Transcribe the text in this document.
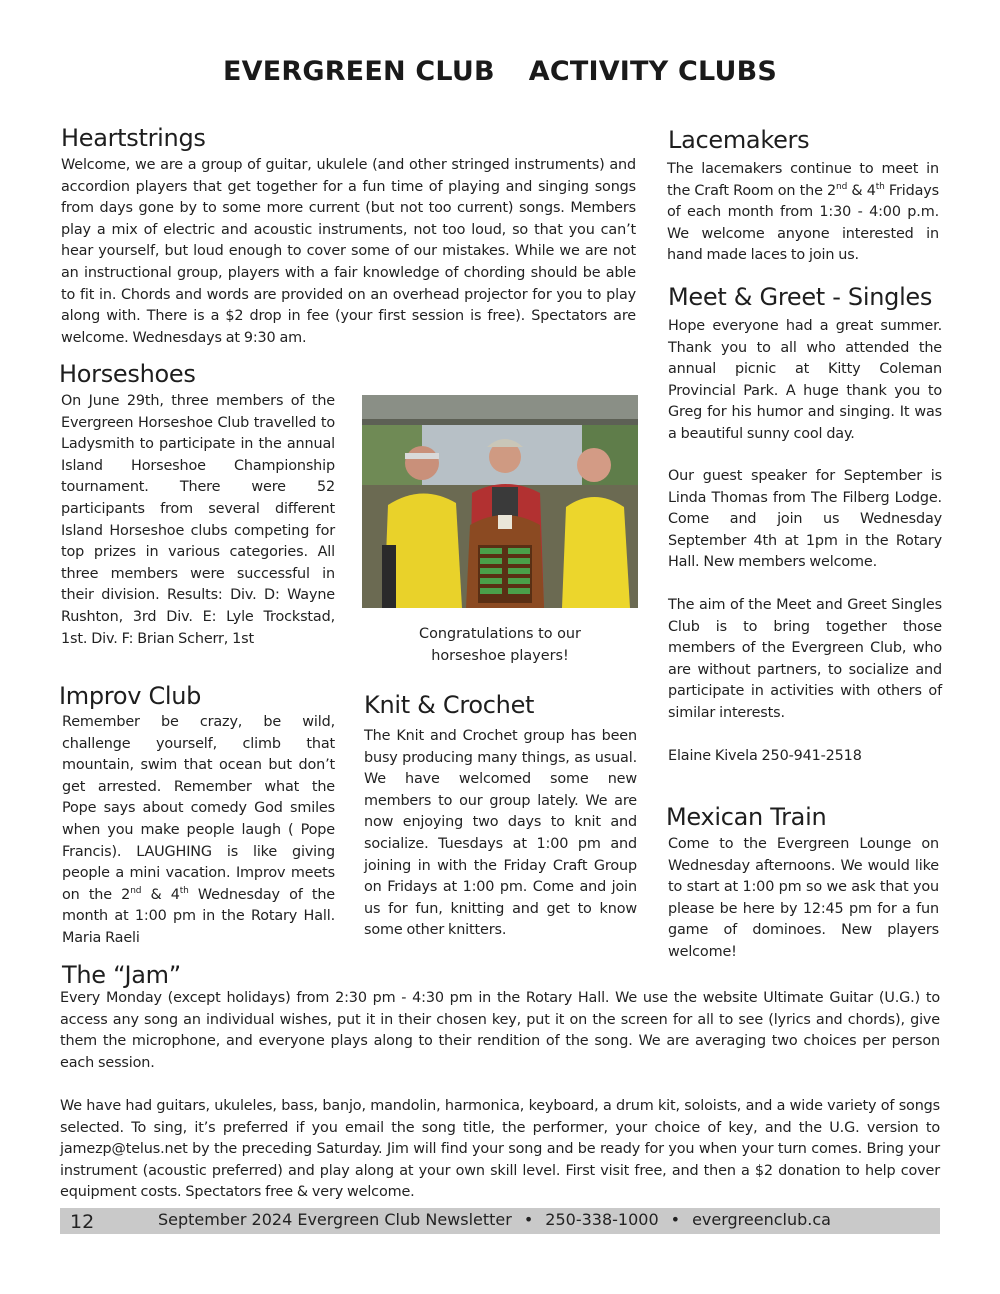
EVERGREEN CLUB ACTIVITY CLUBS
Heartstrings
Welcome, we are a group of guitar, ukulele (and other stringed instruments) and accordion players that get together for a fun time of playing and singing songs from days gone by to some more current (but not too current) songs. Members play a mix of electric and acoustic instruments, not too loud, so that you can’t hear yourself, but loud enough to cover some of our mistakes. While we are not an instructional group, players with a fair knowledge of chording should be able to fit in. Chords and words are provided on an overhead projector for you to play along with. There is a $2 drop in fee (your first session is free). Spectators are welcome. Wednesdays at 9:30 am.
Horseshoes
On June 29th, three members of the Evergreen Horseshoe Club travelled to Ladysmith to participate in the annual Island Horseshoe Championship tournament. There were 52 participants from several different Island Horseshoe clubs competing for top prizes in various categories. All three members were successful in their division. Results: Div. D: Wayne Rushton, 3rd Div. E: Lyle Trockstad, 1st. Div. F: Brian Scherr, 1st	Congratulations to our
horseshoe players!
Improv Club
Remember be crazy, be wild, challenge yourself, climb that mountain, swim that ocean but don’t get arrested. Remember what the Pope says about comedy God smiles when you make people laugh ( Pope Francis). LAUGHING is like giving people a mini vacation. Improv meets on the 2nd & 4th Wednesday of the month at 1:00 pm in the Rotary Hall. Maria Raeli
Knit & Crochet
The Knit and Crochet group has been busy producing many things, as usual. We have welcomed some new members to our group lately. We are now enjoying two days to knit and socialize. Tuesdays at 1:00 pm and joining in with the Friday Craft Group on Fridays at 1:00 pm. Come and join us for fun, knitting and get to know some other knitters.
Lacemakers
The lacemakers continue to meet in the Craft Room on the 2nd & 4th Fridays of each month from 1:30 - 4:00 p.m. We welcome anyone interested in hand made laces to join us.
Meet & Greet - Singles
Hope everyone had a great summer. Thank you to all who attended the annual picnic at Kitty Coleman Provincial Park. A huge thank you to Greg for his humor and singing. It was a beautiful sunny cool day.
Our guest speaker for September is Linda Thomas from The Filberg Lodge. Come and join us Wednesday September 4th at 1pm in the Rotary Hall. New members welcome.
The aim of the Meet and Greet Singles Club is to bring together those members of the Evergreen Club, who are without partners, to socialize and participate in activities with others of similar interests.
Elaine Kivela 250-941-2518
Mexican Train
Come to the Evergreen Lounge on Wednesday afternoons. We would like to start at 1:00 pm so we ask that you please be here by 12:45 pm for a fun game of dominoes. New players welcome!
The “Jam”
Every Monday (except holidays) from 2:30 pm - 4:30 pm in the Rotary Hall. We use the website Ultimate Guitar (U.G.) to access any song an individual wishes, put it in their chosen key, put it on the screen for all to see (lyrics and chords), give them the microphone, and everyone plays along to their rendition of the song. We are averaging two choices per person each session.
We have had guitars, ukuleles, bass, banjo, mandolin, harmonica, keyboard, a drum kit, soloists, and a wide variety of songs selected. To sing, it’s preferred if you email the song title, the performer, your choice of key, and the U.G. version to jamezp@telus.net by the preceding Saturday. Jim will find your song and be ready for you when your turn comes. Bring your instrument (acoustic preferred) and play along at your own skill level. First visit free, and then a $2 donation to help cover equipment costs. Spectators free & very welcome.
12	September 2024 Evergreen Club Newsletter • 250-338-1000 • evergreenclub.ca
